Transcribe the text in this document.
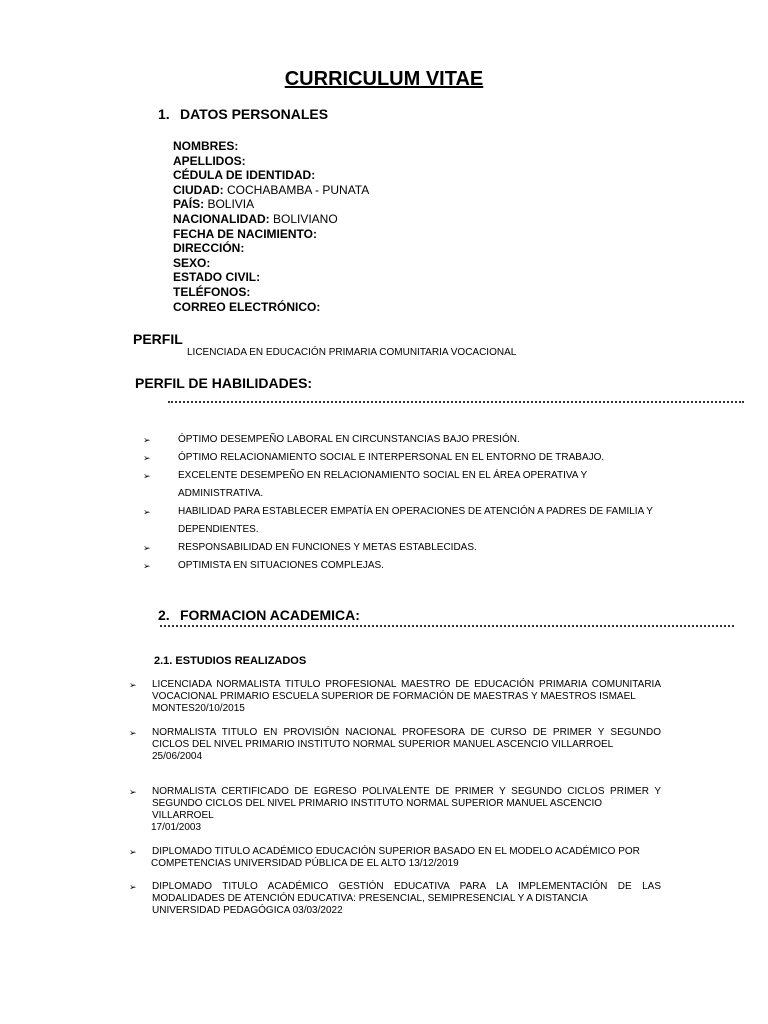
CURRICULUM VITAE
1. DATOS PERSONALES
NOMBRES:
APELLIDOS:
CÉDULA DE IDENTIDAD:
CIUDAD: COCHABAMBA - PUNATA
PAÍS: BOLIVIA
NACIONALIDAD: BOLIVIANO
FECHA DE NACIMIENTO:
DIRECCIÓN:
SEXO:
ESTADO CIVIL:
TELÉFONOS:
CORREO ELECTRÓNICO:
PERFIL
LICENCIADA EN EDUCACIÓN PRIMARIA COMUNITARIA VOCACIONAL
PERFIL DE HABILIDADES:
➢	ÓPTIMO DESEMPEÑO LABORAL EN CIRCUNSTANCIAS BAJO PRESIÓN.
➢	ÓPTIMO RELACIONAMIENTO SOCIAL E INTERPERSONAL EN EL ENTORNO DE TRABAJO.
➢	EXCELENTE DESEMPEÑO EN RELACIONAMIENTO SOCIAL EN EL ÁREA OPERATIVA Y ADMINISTRATIVA.
➢	HABILIDAD PARA ESTABLECER EMPATÍA EN OPERACIONES DE ATENCIÓN A PADRES DE FAMILIA Y DEPENDIENTES.
➢	RESPONSABILIDAD EN FUNCIONES Y METAS ESTABLECIDAS.
➢	OPTIMISTA EN SITUACIONES COMPLEJAS.
2. FORMACION ACADEMICA:
2.1. ESTUDIOS REALIZADOS
➢ LICENCIADA NORMALISTA TITULO PROFESIONAL MAESTRO DE EDUCACIÓN PRIMARIA COMUNITARIA VOCACIONAL PRIMARIO ESCUELA SUPERIOR DE FORMACIÓN DE MAESTRAS Y MAESTROS ISMAEL
MONTES20/10/2015
➢ NORMALISTA TITULO EN PROVISIÓN NACIONAL PROFESORA DE CURSO DE PRIMER Y SEGUNDO CICLOS DEL NIVEL PRIMARIO INSTITUTO NORMAL SUPERIOR MANUEL ASCENCIO VILLARROEL
25/06/2004
➢ NORMALISTA CERTIFICADO DE EGRESO POLIVALENTE DE PRIMER Y SEGUNDO CICLOS PRIMER Y SEGUNDO CICLOS DEL NIVEL PRIMARIO INSTITUTO NORMAL SUPERIOR MANUEL ASCENCIO
VILLARROEL
17/01/2003
➢ DIPLOMADO TITULO ACADÉMICO EDUCACIÓN SUPERIOR BASADO EN EL MODELO ACADÉMICO POR
COMPETENCIAS UNIVERSIDAD PÚBLICA DE EL ALTO 13/12/2019
➢ DIPLOMADO TITULO ACADÉMICO GESTIÓN EDUCATIVA PARA LA IMPLEMENTACIÓN DE LAS MODALIDADES DE ATENCIÓN EDUCATIVA: PRESENCIAL, SEMIPRESENCIAL Y A DISTANCIA
UNIVERSIDAD PEDAGÓGICA 03/03/2022
